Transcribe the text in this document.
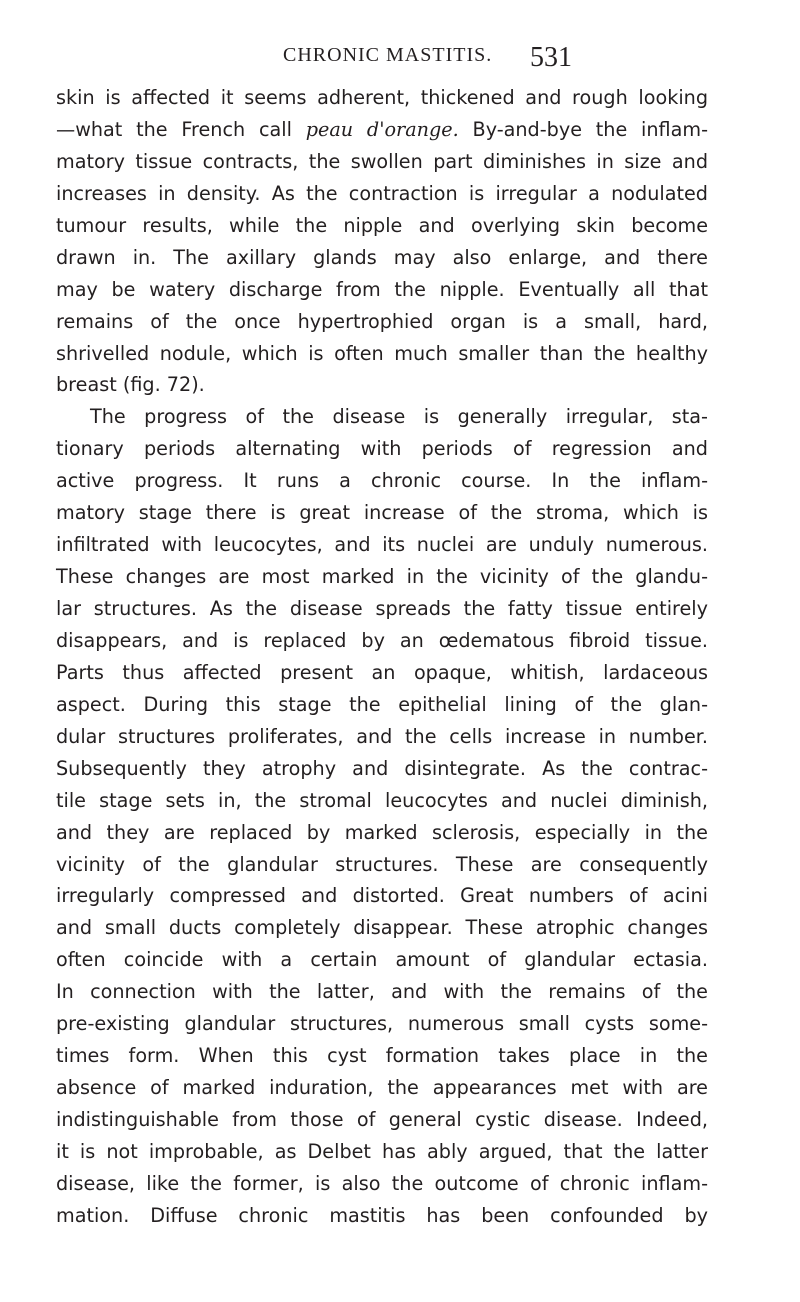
CHRONIC MASTITIS. 531
skin is affected it seems adherent, thickened and rough looking
—what the French call peau d'orange. By-and-bye the inflam-
matory tissue contracts, the swollen part diminishes in size and
increases in density. As the contraction is irregular a nodulated
tumour results, while the nipple and overlying skin become
drawn in. The axillary glands may also enlarge, and there
may be watery discharge from the nipple. Eventually all that
remains of the once hypertrophied organ is a small, hard,
shrivelled nodule, which is often much smaller than the healthy
breast (fig. 72).
The progress of the disease is generally irregular, sta-
tionary periods alternating with periods of regression and
active progress. It runs a chronic course. In the inflam-
matory stage there is great increase of the stroma, which is
infiltrated with leucocytes, and its nuclei are unduly numerous.
These changes are most marked in the vicinity of the glandu-
lar structures. As the disease spreads the fatty tissue entirely
disappears, and is replaced by an œdematous fibroid tissue.
Parts thus affected present an opaque, whitish, lardaceous
aspect. During this stage the epithelial lining of the glan-
dular structures proliferates, and the cells increase in number.
Subsequently they atrophy and disintegrate. As the contrac-
tile stage sets in, the stromal leucocytes and nuclei diminish,
and they are replaced by marked sclerosis, especially in the
vicinity of the glandular structures. These are consequently
irregularly compressed and distorted. Great numbers of acini
and small ducts completely disappear. These atrophic changes
often coincide with a certain amount of glandular ectasia.
In connection with the latter, and with the remains of the
pre-existing glandular structures, numerous small cysts some-
times form. When this cyst formation takes place in the
absence of marked induration, the appearances met with are
indistinguishable from those of general cystic disease. Indeed,
it is not improbable, as Delbet has ably argued, that the latter
disease, like the former, is also the outcome of chronic inflam-
mation. Diffuse chronic mastitis has been confounded by
